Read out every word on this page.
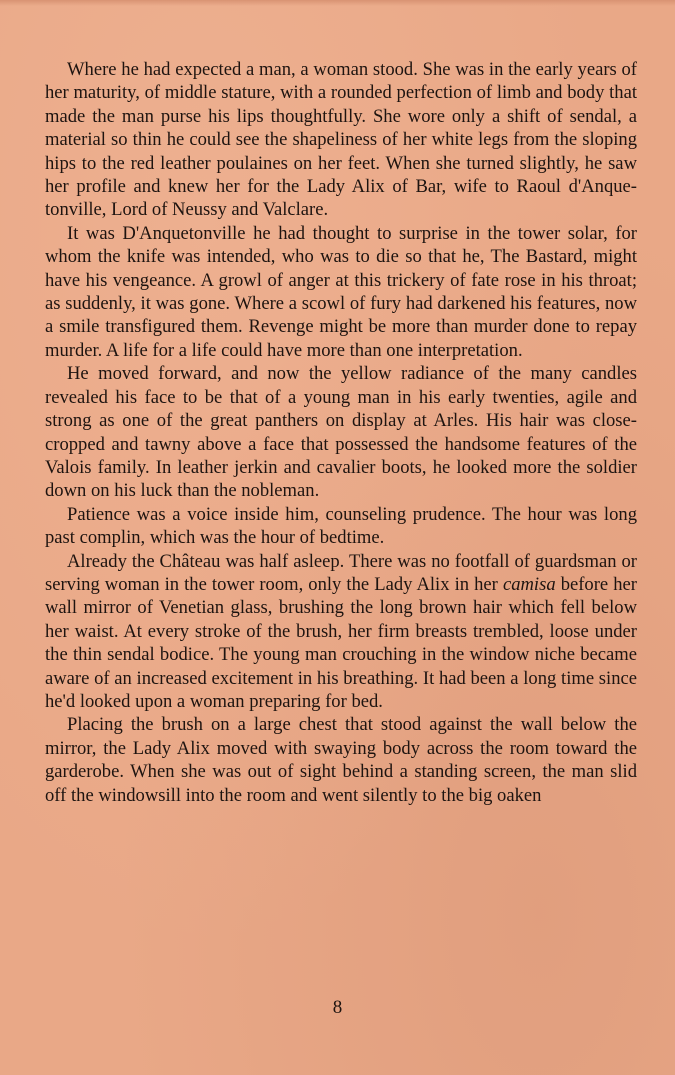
Where he had expected a man, a woman stood. She was in the early years of her maturity, of middle stature, with a rounded perfection of limb and body that made the man purse his lips thoughtfully. She wore only a shift of sendal, a material so thin he could see the shapeliness of her white legs from the sloping hips to the red leather poulaines on her feet. When she turned slightly, he saw her profile and knew her for the Lady Alix of Bar, wife to Raoul d'Anquetonville, Lord of Neussy and Valclare.

It was D'Anquetonville he had thought to surprise in the tower solar, for whom the knife was intended, who was to die so that he, The Bastard, might have his vengeance. A growl of anger at this trickery of fate rose in his throat; as suddenly, it was gone. Where a scowl of fury had darkened his features, now a smile transfigured them. Revenge might be more than murder done to repay murder. A life for a life could have more than one interpretation.

He moved forward, and now the yellow radiance of the many candles revealed his face to be that of a young man in his early twenties, agile and strong as one of the great panthers on display at Arles. His hair was close-cropped and tawny above a face that possessed the handsome features of the Valois family. In leather jerkin and cavalier boots, he looked more the soldier down on his luck than the nobleman.

Patience was a voice inside him, counseling prudence. The hour was long past complin, which was the hour of bedtime.

Already the Château was half asleep. There was no footfall of guardsman or serving woman in the tower room, only the Lady Alix in her camisa before her wall mirror of Venetian glass, brushing the long brown hair which fell below her waist. At every stroke of the brush, her firm breasts trembled, loose under the thin sendal bodice. The young man crouching in the window niche became aware of an increased excitement in his breathing. It had been a long time since he'd looked upon a woman preparing for bed.

Placing the brush on a large chest that stood against the wall below the mirror, the Lady Alix moved with swaying body across the room toward the garderobe. When she was out of sight behind a standing screen, the man slid off the windowsill into the room and went silently to the big oaken

8
